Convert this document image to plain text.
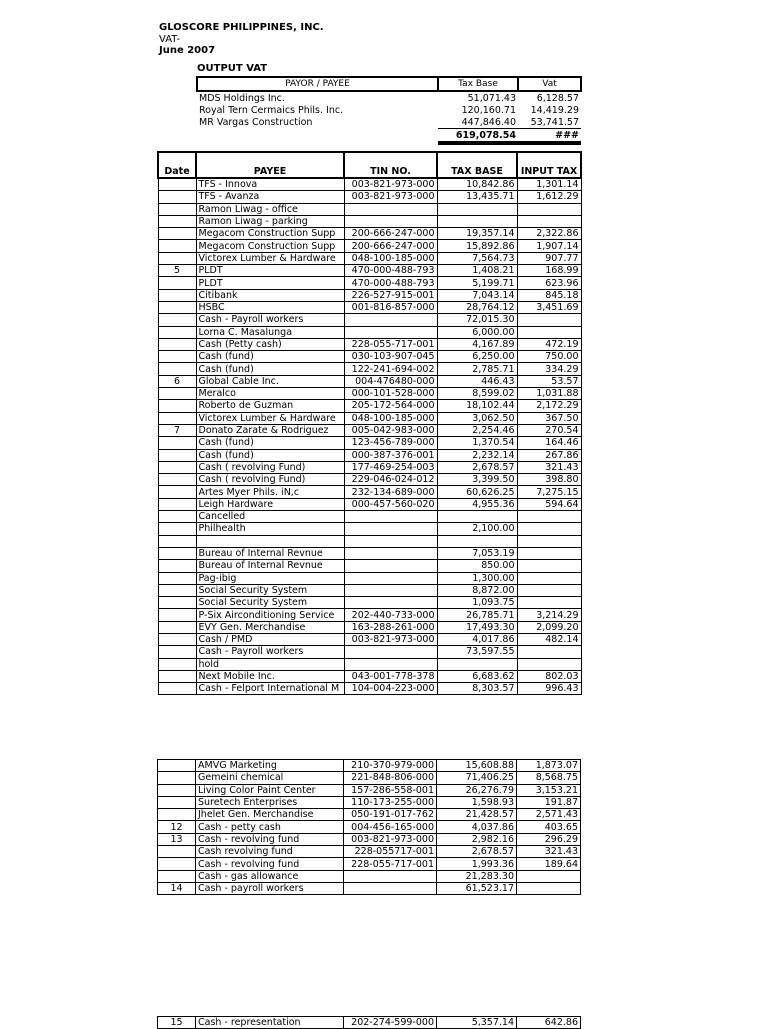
GLOSCORE PHILIPPINES, INC.
VAT-
June 2007
OUTPUT VAT
PAYOR / PAYEE	Tax Base	Vat
MDS Holdings Inc.	51,071.43	6,128.57
Royal Tern Cermaics Phils. Inc.	120,160.71	14,419.29
MR Vargas Construction	447,846.40	53,741.57
	619,078.54	###
Date	PAYEE	TIN NO.	TAX BASE	INPUT TAX
	TFS - Innova	003-821-973-000	10,842.86	1,301.14
	TFS - Avanza	003-821-973-000	13,435.71	1,612.29
	Ramon Liwag - office			
	Ramon Liwag - parking			
	Megacom Construction Supp	200-666-247-000	19,357.14	2,322.86
	Megacom Construction Supp	200-666-247-000	15,892.86	1,907.14
	Victorex Lumber & Hardware	048-100-185-000	7,564.73	907.77
5	PLDT	470-000-488-793	1,408.21	168.99
	PLDT	470-000-488-793	5,199.71	623.96
	Citibank	226-527-915-001	7,043.14	845.18
	HSBC	001-816-857-000	28,764.12	3,451.69
	Cash - Payroll workers		72,015.30	
	Lorna C. Masalunga		6,000.00	
	Cash (Petty cash)	228-055-717-001	4,167.89	472.19
	Cash (fund)	030-103-907-045	6,250.00	750.00
	Cash (fund)	122-241-694-002	2,785.71	334.29
6	Global Cable Inc.	004-476480-000	446.43	53.57
	Meralco	000-101-528-000	8,599.02	1,031.88
	Roberto de Guzman	205-172-564-000	18,102.44	2,172.29
	Victorex Lumber & Hardware	048-100-185-000	3,062.50	367.50
7	Donato Zarate & Rodriguez	005-042-983-000	2,254.46	270.54
	Cash (fund)	123-456-789-000	1,370.54	164.46
	Cash (fund)	000-387-376-001	2,232.14	267.86
	Cash ( revolving Fund)	177-469-254-003	2,678.57	321.43
	Cash ( revolving Fund)	229-046-024-012	3,399.50	398.80
	Artes Myer Phils. iN,c	232-134-689-000	60,626.25	7,275.15
	Leigh Hardware	000-457-560-020	4,955.36	594.64
	Cancelled			
	Philhealth		2,100.00	

	Bureau of Internal Revnue		7,053.19	
	Bureau of Internal Revnue		850.00	
	Pag-ibig		1,300.00	
	Social Security System		8,872.00	
	Social Security System		1,093.75	
	P-Six Airconditioning Service	202-440-733-000	26,785.71	3,214.29
	EVY Gen. Merchandise	163-288-261-000	17,493.30	2,099.20
	Cash / PMD	003-821-973-000	4,017.86	482.14
	Cash - Payroll workers		73,597.55	
	hold			
	Next Mobile Inc.	043-001-778-378	6,683.62	802.03
	Cash - Felport International M	104-004-223-000	8,303.57	996.43
	AMVG Marketing	210-370-979-000	15,608.88	1,873.07
	Gemeini chemical	221-848-806-000	71,406.25	8,568.75
	Living Color Paint Center	157-286-558-001	26,276.79	3,153.21
	Suretech Enterprises	110-173-255-000	1,598.93	191.87
	Jhelet Gen. Merchandise	050-191-017-762	21,428.57	2,571.43
12	Cash - petty cash	004-456-165-000	4,037.86	403.65
13	Cash - revolving fund	003-821-973-000	2,982.16	296.29
	Cash revolving fund	228-055717-001	2,678.57	321.43
	Cash - revolving fund	228-055-717-001	1,993.36	189.64
	Cash - gas allowance		21,283.30	
14	Cash - payroll workers		61,523.17	
15	Cash - representation	202-274-599-000	5,357.14	642.86
